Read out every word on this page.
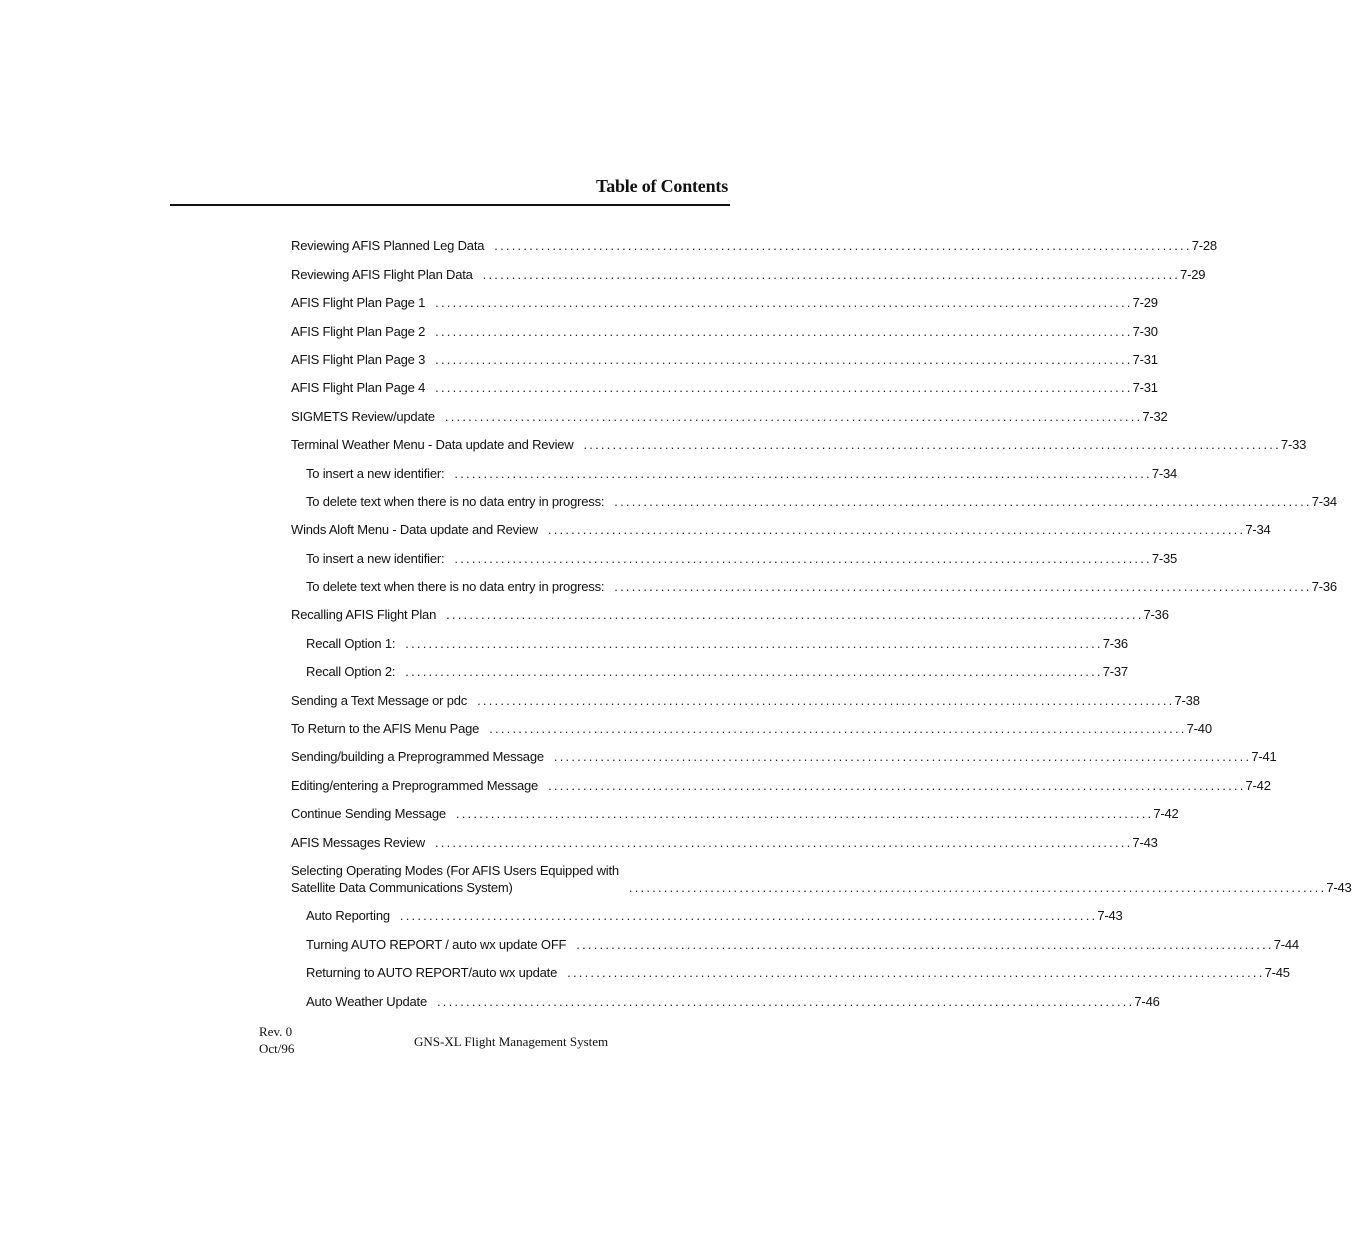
Table of Contents
Reviewing AFIS Planned Leg Data ........................................................................................................................ 7-28
Reviewing AFIS Flight Plan Data ........................................................................................................................ 7-29
AFIS Flight Plan Page 1 ........................................................................................................................ 7-29
AFIS Flight Plan Page 2 ........................................................................................................................ 7-30
AFIS Flight Plan Page 3 ........................................................................................................................ 7-31
AFIS Flight Plan Page 4 ........................................................................................................................ 7-31
SIGMETS Review/update ........................................................................................................................ 7-32
Terminal Weather Menu - Data update and Review ........................................................................................................................ 7-33
To insert a new identifier: ........................................................................................................................ 7-34
To delete text when there is no data entry in progress: ........................................................................................................................ 7-34
Winds Aloft Menu - Data update and Review ........................................................................................................................ 7-34
To insert a new identifier: ........................................................................................................................ 7-35
To delete text when there is no data entry in progress: ........................................................................................................................ 7-36
Recalling AFIS Flight Plan ........................................................................................................................ 7-36
Recall Option 1: ........................................................................................................................ 7-36
Recall Option 2: ........................................................................................................................ 7-37
Sending a Text Message or pdc ........................................................................................................................ 7-38
To Return to the AFIS Menu Page ........................................................................................................................ 7-40
Sending/building a Preprogrammed Message ........................................................................................................................ 7-41
Editing/entering a Preprogrammed Message ........................................................................................................................ 7-42
Continue Sending Message ........................................................................................................................ 7-42
AFIS Messages Review ........................................................................................................................ 7-43
Selecting Operating Modes (For AFIS Users Equipped with
Satellite Data Communications System)	........................................................................................................................ 7-43
Auto Reporting ........................................................................................................................ 7-43
Turning AUTO REPORT / auto wx update OFF ........................................................................................................................ 7-44
Returning to AUTO REPORT/auto wx update ........................................................................................................................ 7-45
Auto Weather Update ........................................................................................................................ 7-46
Rev. 0
Oct/96	GNS-XL Flight Management System
